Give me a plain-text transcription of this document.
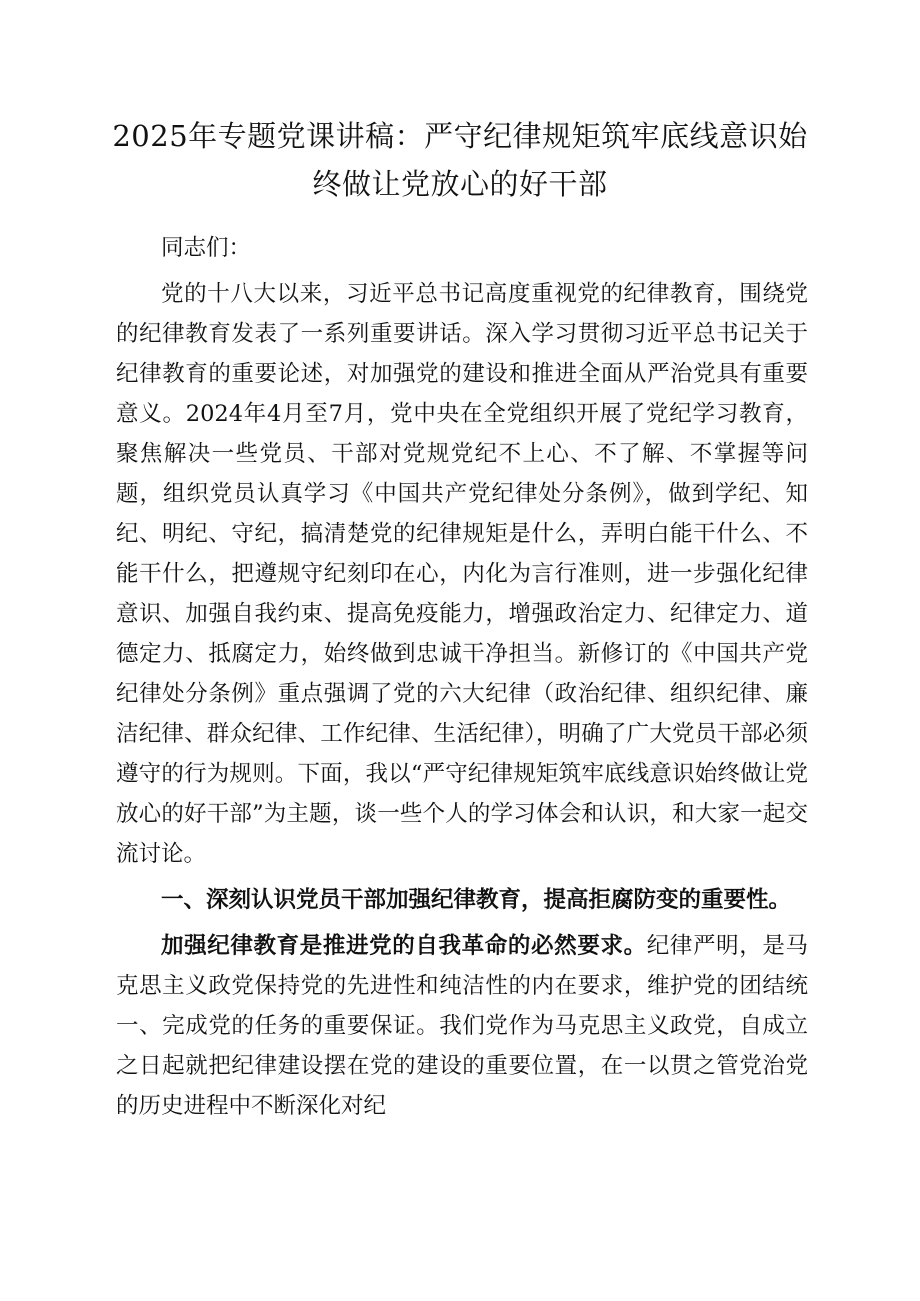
2025年专题党课讲稿：严守纪律规矩筑牢底线意识始终做让党放心的好干部

同志们：

党的十八大以来，习近平总书记高度重视党的纪律教育，围绕党的纪律教育发表了一系列重要讲话。深入学习贯彻习近平总书记关于纪律教育的重要论述，对加强党的建设和推进全面从严治党具有重要意义。2024年4月至7月，党中央在全党组织开展了党纪学习教育，聚焦解决一些党员、干部对党规党纪不上心、不了解、不掌握等问题，组织党员认真学习《中国共产党纪律处分条例》，做到学纪、知纪、明纪、守纪，搞清楚党的纪律规矩是什么，弄明白能干什么、不能干什么，把遵规守纪刻印在心，内化为言行准则，进一步强化纪律意识、加强自我约束、提高免疫能力，增强政治定力、纪律定力、道德定力、抵腐定力，始终做到忠诚干净担当。新修订的《中国共产党纪律处分条例》重点强调了党的六大纪律（政治纪律、组织纪律、廉洁纪律、群众纪律、工作纪律、生活纪律），明确了广大党员干部必须遵守的行为规则。下面，我以“严守纪律规矩筑牢底线意识始终做让党放心的好干部”为主题，谈一些个人的学习体会和认识，和大家一起交流讨论。

一、深刻认识党员干部加强纪律教育，提高拒腐防变的重要性。

加强纪律教育是推进党的自我革命的必然要求。纪律严明，是马克思主义政党保持党的先进性和纯洁性的内在要求，维护党的团结统一、完成党的任务的重要保证。我们党作为马克思主义政党，自成立之日起就把纪律建设摆在党的建设的重要位置，在一以贯之管党治党的历史进程中不断深化对纪
